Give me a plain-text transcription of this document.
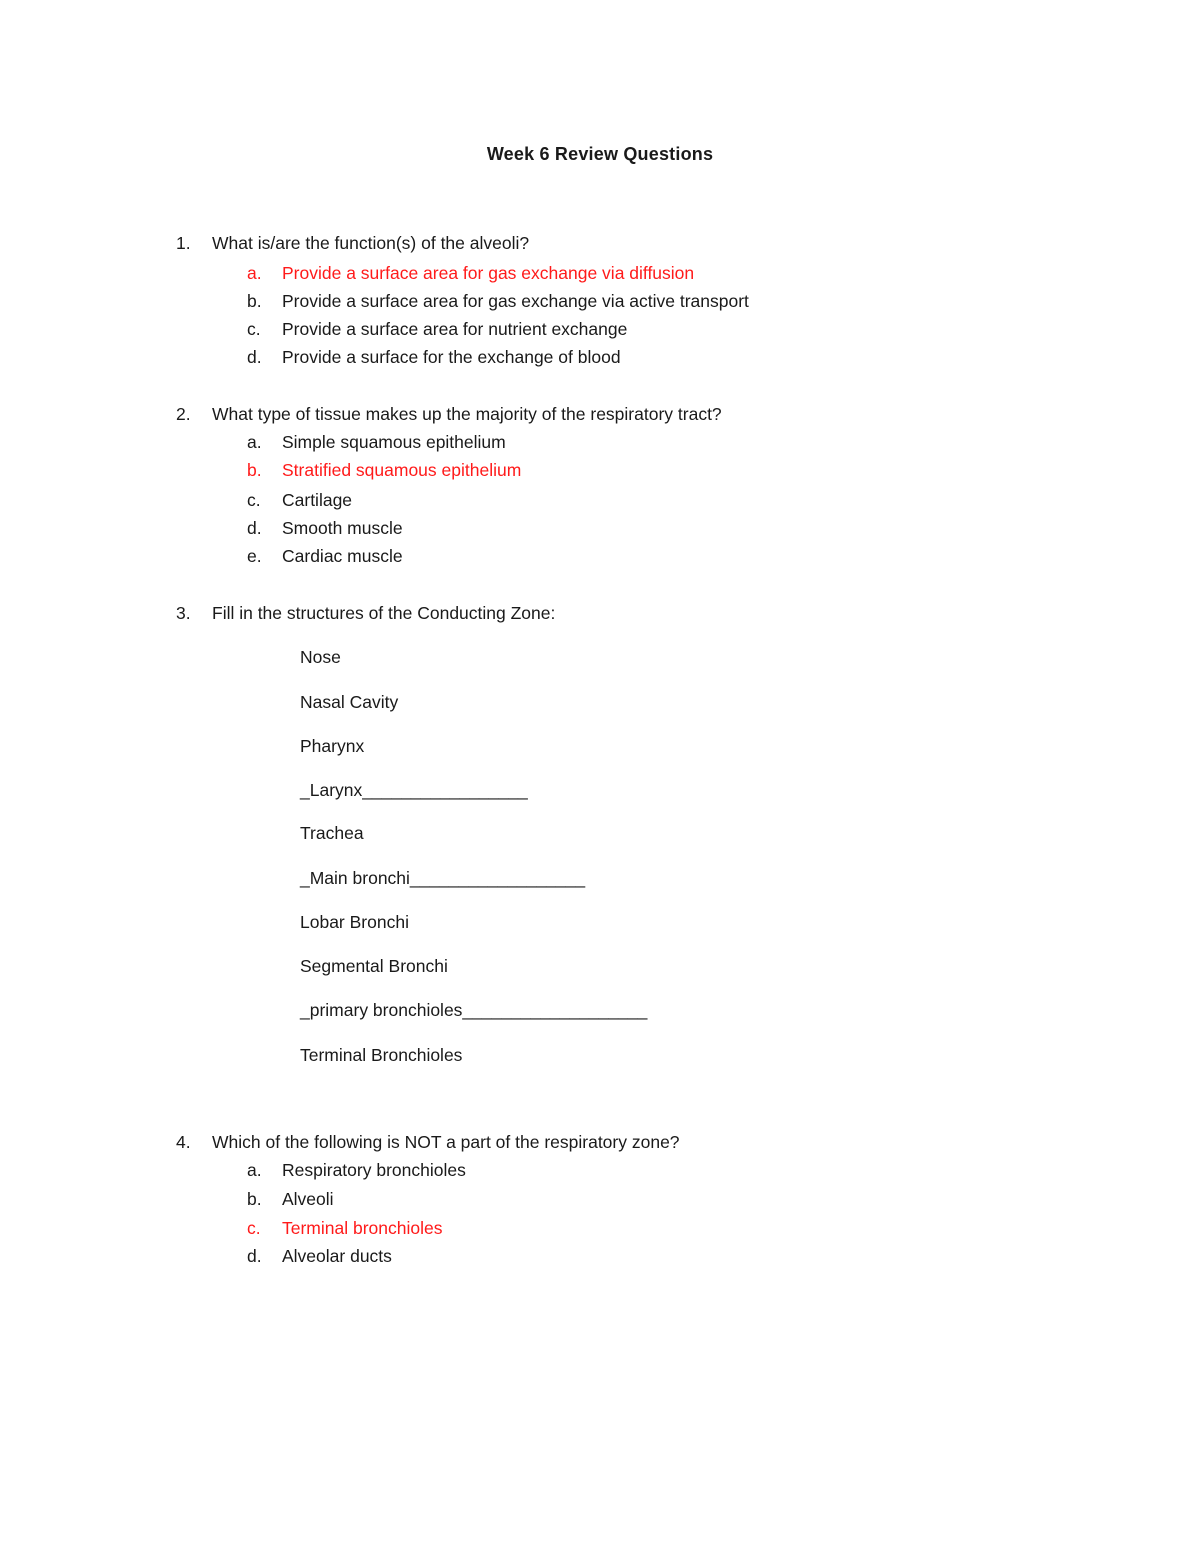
Week 6 Review Questions
1. What is/are the function(s) of the alveoli?
a. Provide a surface area for gas exchange via diffusion
b. Provide a surface area for gas exchange via active transport
c. Provide a surface area for nutrient exchange
d. Provide a surface for the exchange of blood
2. What type of tissue makes up the majority of the respiratory tract?
a. Simple squamous epithelium
b. Stratified squamous epithelium
c. Cartilage
d. Smooth muscle
e. Cardiac muscle
3. Fill in the structures of the Conducting Zone:
Nose
Nasal Cavity
Pharynx
_Larynx_________________
Trachea
_Main bronchi__________________
Lobar Bronchi
Segmental Bronchi
_primary bronchioles___________________
Terminal Bronchioles
4. Which of the following is NOT a part of the respiratory zone?
a. Respiratory bronchioles
b. Alveoli
c. Terminal bronchioles
d. Alveolar ducts
